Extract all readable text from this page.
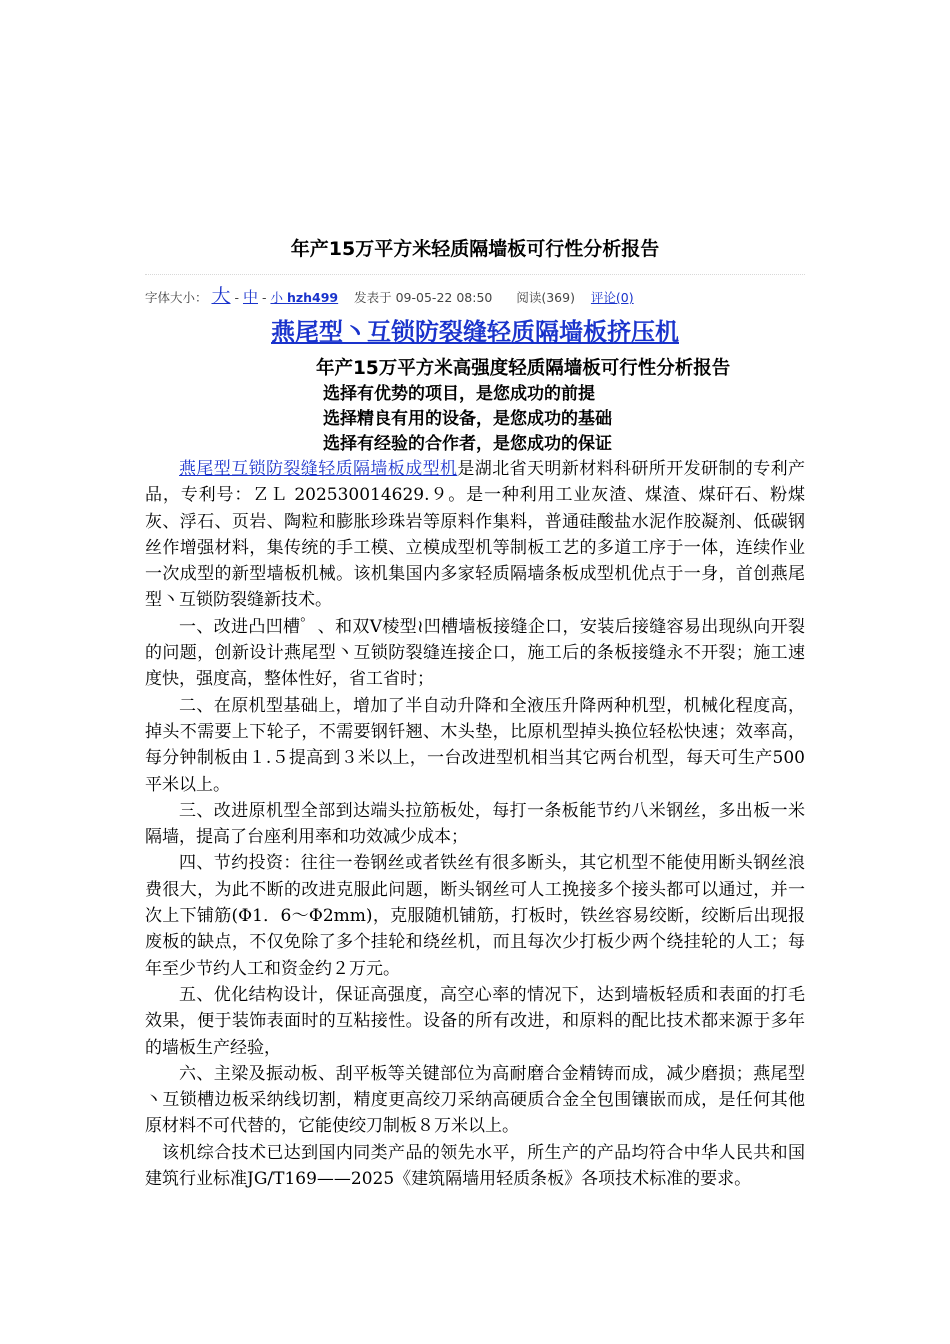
年产15万平方米轻质隔墙板可行性分析报告
字体大小： 大 - 中 - 小 hzh499 发表于 09-05-22 08:50 阅读(369) 评论(0)
燕尾型丶互锁防裂缝轻质隔墙板挤压机
年产15万平方米高强度轻质隔墙板可行性分析报告
选择有优势的项目，是您成功的前提
选择精良有用的设备，是您成功的基础
选择有经验的合作者，是您成功的保证

燕尾型互锁防裂缝轻质隔墙板成型机是湖北省天明新材料科研所开发研制的专利产品，专利号：ＺＬ 202530014629.９。是一种利用工业灰渣、煤渣、煤矸石、粉煤灰、浮石、页岩、陶粒和膨胀珍珠岩等原料作集料，普通硅酸盐水泥作胶凝剂、低碳钢丝作增强材料，集传统的手工模、立模成型机等制板工艺的多道工序于一体，连续作业一次成型的新型墙板机械。该机集国内多家轻质隔墙条板成型机优点于一身，首创燕尾型丶互锁防裂缝新技术。

一、改进凸凹槽゜、和双Ⅴ棱型≀凹槽墙板接缝企口，安装后接缝容易出现纵向开裂的问题，创新设计燕尾型丶互锁防裂缝连接企口，施工后的条板接缝永不开裂；施工速度快，强度高，整体性好，省工省时；

二、在原机型基础上，增加了半自动升降和全液压升降两种机型，机械化程度高，掉头不需要上下轮子，不需要钢钎翘、木头垫，比原机型掉头换位轻松快速；效率高，每分钟制板由１.５提高到３米以上，一台改进型机相当其它两台机型，每天可生产500平米以上。

三、改进原机型全部到达端头拉筋板处，每打一条板能节约八米钢丝，多出板一米隔墙，提高了台座利用率和功效减少成本；

四、节约投资：往往一卷钢丝或者铁丝有很多断头，其它机型不能使用断头钢丝浪费很大，为此不断的改进克服此问题，断头钢丝可人工挽接多个接头都可以通过，并一次上下铺筋(Φ1．6～Φ2mm)，克服随机铺筋，打板时，铁丝容易绞断，绞断后出现报废板的缺点，不仅免除了多个挂轮和绕丝机，而且每次少打板少两个绕挂轮的人工；每年至少节约人工和资金约２万元。

五、优化结构设计，保证高强度，高空心率的情况下，达到墙板轻质和表面的打毛效果，便于装饰表面时的互粘接性。设备的所有改进，和原料的配比技术都来源于多年的墙板生产经验，

六、主梁及振动板、刮平板等关键部位为高耐磨合金精铸而成，减少磨损；燕尾型丶互锁槽边板采纳线切割，精度更高绞刀采纳高硬质合金全包围镶嵌而成，是任何其他原材料不可代替的，它能使绞刀制板８万米以上。

该机综合技术已达到国内同类产品的领先水平，所生产的产品均符合中华人民共和国建筑行业标准JG/T169——2025《建筑隔墙用轻质条板》各项技术标准的要求。
